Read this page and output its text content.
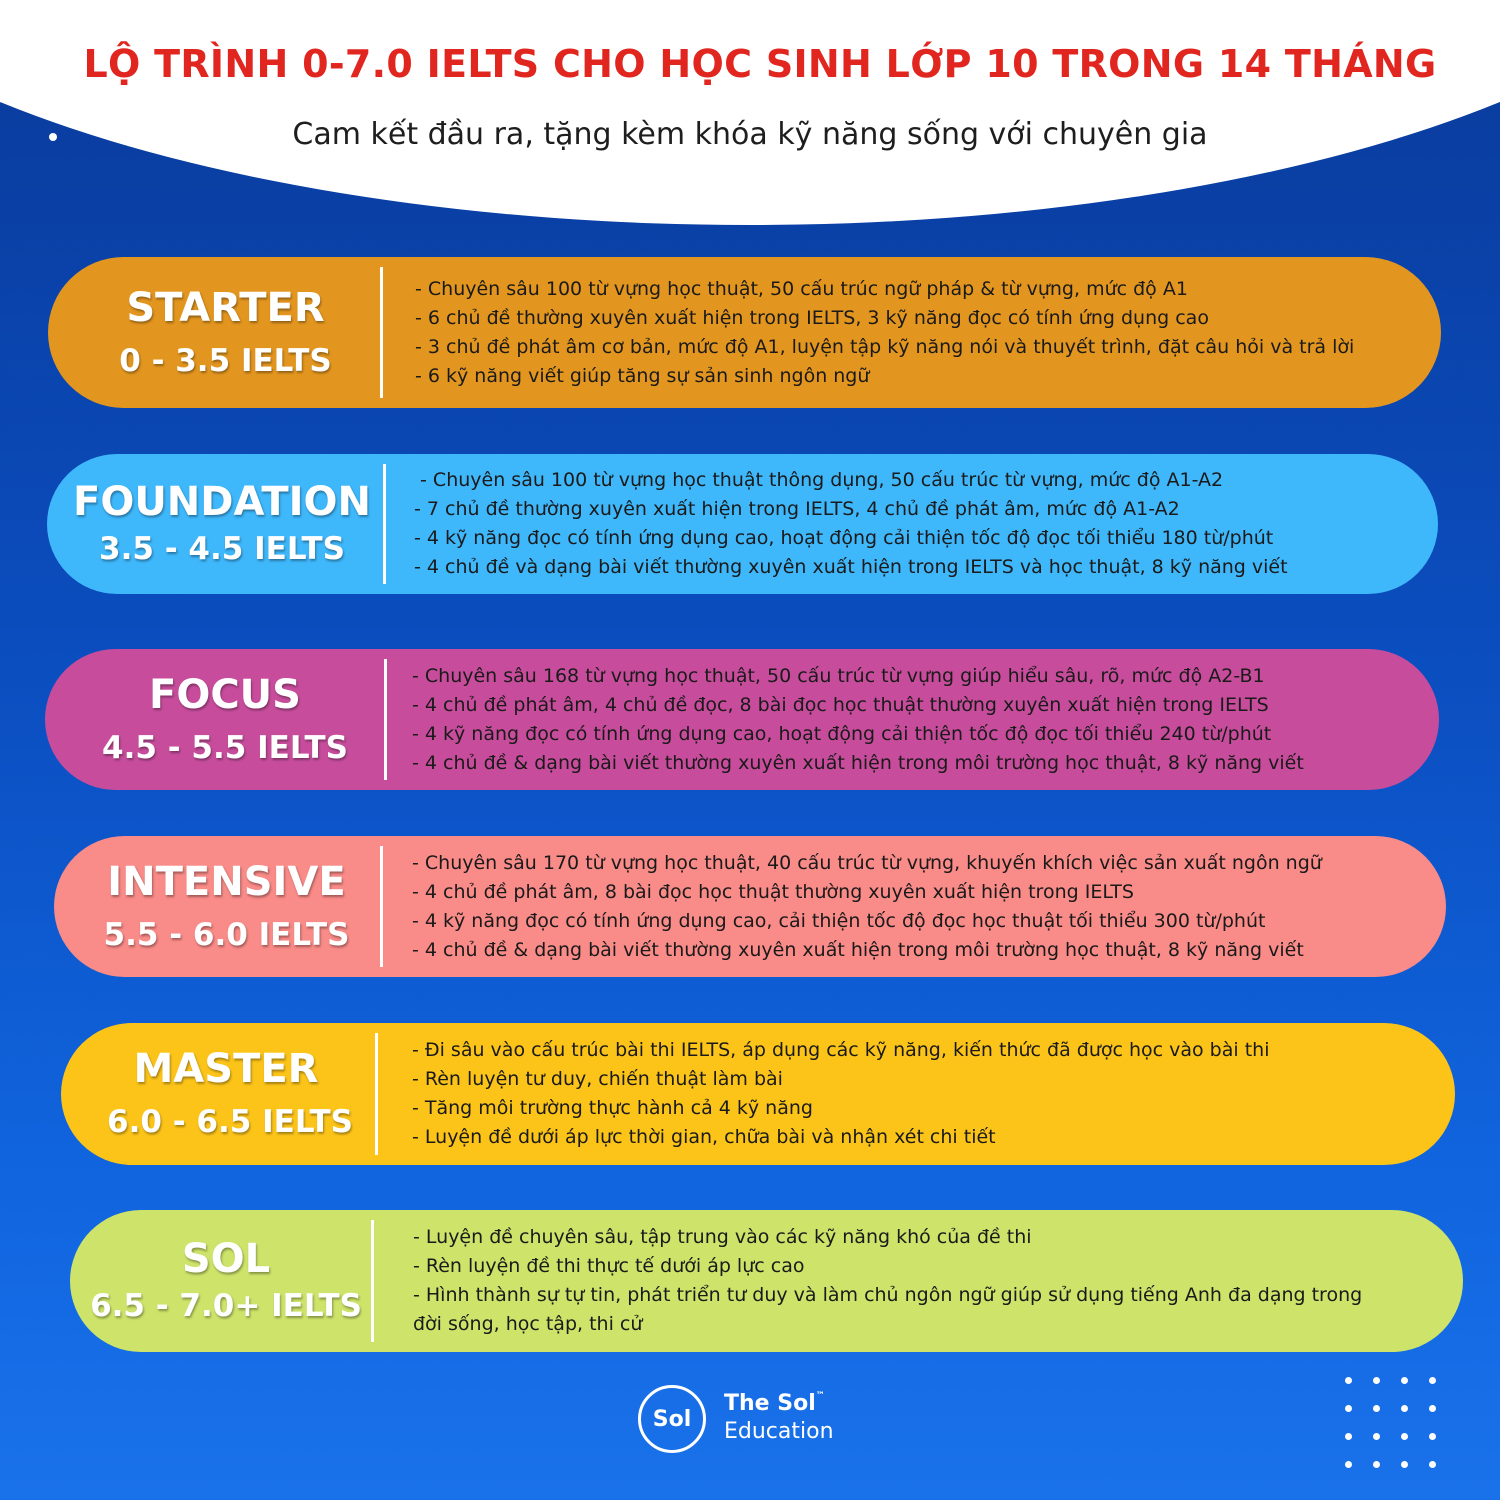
LỘ TRÌNH 0-7.0 IELTS CHO HỌC SINH LỚP 10 TRONG 14 THÁNG
Cam kết đầu ra, tặng kèm khóa kỹ năng sống với chuyên gia
STARTER
0 - 3.5 IELTS
- Chuyên sâu 100 từ vựng học thuật, 50 cấu trúc ngữ pháp & từ vựng, mức độ A1
- 6 chủ đề thường xuyên xuất hiện trong IELTS, 3 kỹ năng đọc có tính ứng dụng cao
- 3 chủ đề phát âm cơ bản, mức độ A1, luyện tập kỹ năng nói và thuyết trình, đặt câu hỏi và trả lời
- 6 kỹ năng viết giúp tăng sự sản sinh ngôn ngữ
FOUNDATION
3.5 - 4.5 IELTS
- Chuyên sâu 100 từ vựng học thuật thông dụng, 50 cấu trúc từ vựng, mức độ A1-A2
- 7 chủ đề thường xuyên xuất hiện trong IELTS, 4 chủ đề phát âm, mức độ A1-A2
- 4 kỹ năng đọc có tính ứng dụng cao, hoạt động cải thiện tốc độ đọc tối thiểu 180 từ/phút
- 4 chủ đề và dạng bài viết thường xuyên xuất hiện trong IELTS và học thuật, 8 kỹ năng viết
FOCUS
4.5 - 5.5 IELTS
- Chuyên sâu 168 từ vựng học thuật, 50 cấu trúc từ vựng giúp hiểu sâu, rõ, mức độ A2-B1
- 4 chủ đề phát âm, 4 chủ đề đọc, 8 bài đọc học thuật thường xuyên xuất hiện trong IELTS
- 4 kỹ năng đọc có tính ứng dụng cao, hoạt động cải thiện tốc độ đọc tối thiểu 240 từ/phút
- 4 chủ đề & dạng bài viết thường xuyên xuất hiện trong môi trường học thuật, 8 kỹ năng viết
INTENSIVE
5.5 - 6.0 IELTS
- Chuyên sâu 170 từ vựng học thuật, 40 cấu trúc từ vựng, khuyến khích việc sản xuất ngôn ngữ
- 4 chủ đề phát âm, 8 bài đọc học thuật thường xuyên xuất hiện trong IELTS
- 4 kỹ năng đọc có tính ứng dụng cao, cải thiện tốc độ đọc học thuật tối thiểu 300 từ/phút
- 4 chủ đề & dạng bài viết thường xuyên xuất hiện trong môi trường học thuật, 8 kỹ năng viết
MASTER
6.0 - 6.5 IELTS
- Đi sâu vào cấu trúc bài thi IELTS, áp dụng các kỹ năng, kiến thức đã được học vào bài thi
- Rèn luyện tư duy, chiến thuật làm bài
- Tăng môi trường thực hành cả 4 kỹ năng
- Luyện đề dưới áp lực thời gian, chữa bài và nhận xét chi tiết
SOL
6.5 - 7.0+ IELTS
- Luyện đề chuyên sâu, tập trung vào các kỹ năng khó của đề thi
- Rèn luyện đề thi thực tế dưới áp lực cao
- Hình thành sự tự tin, phát triển tư duy và làm chủ ngôn ngữ giúp sử dụng tiếng Anh đa dạng trong đời sống, học tập, thi cử
Sol
The Sol™
Education
